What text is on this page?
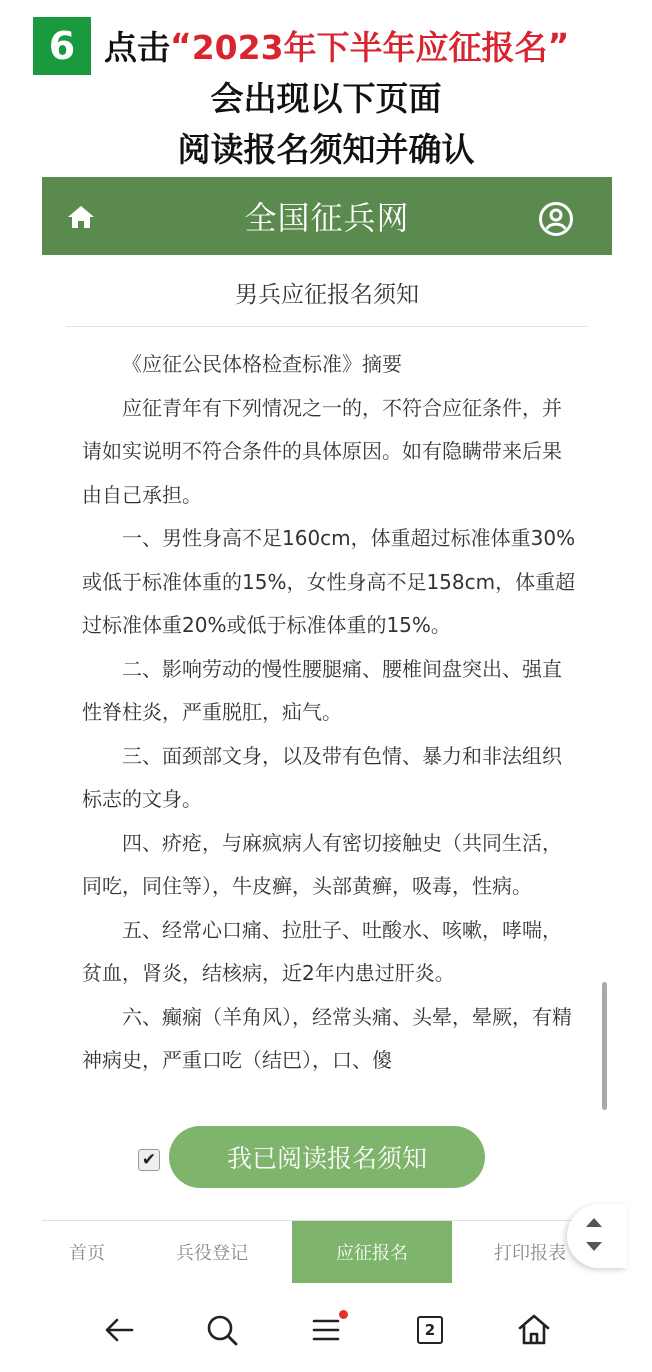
6 点击 “ 2023年下半年应征报名 ”
会出现以下页面
阅读报名须知并确认
全国征兵网
男兵应征报名须知

《应征公民体格检查标准》摘要

应征青年有下列情况之一的，不符合应征条件，并请如实说明不符合条件的具体原因。如有隐瞒带来后果由自己承担。

一、男性身高不足160cm，体重超过标准体重30%或低于标准体重的15%，女性身高不足158cm，体重超过标准体重20%或低于标准体重的15%。

二、影响劳动的慢性腰腿痛、腰椎间盘突出、强直性脊柱炎，严重脱肛，疝气。

三、面颈部文身，以及带有色情、暴力和非法组织标志的文身。

四、疥疮，与麻疯病人有密切接触史（共同生活，同吃，同住等），牛皮癣，头部黄癣，吸毒，性病。

五、经常心口痛、拉肚子、吐酸水、咳嗽，哮喘，贫血，肾炎，结核病，近2年内患过肝炎。

六、癫痫（羊角风），经常头痛、头晕，晕厥，有精神病史，严重口吃（结巴），口、傻

✔	我已阅读报名须知
首页	兵役登记	应征报名	打印报表
2
